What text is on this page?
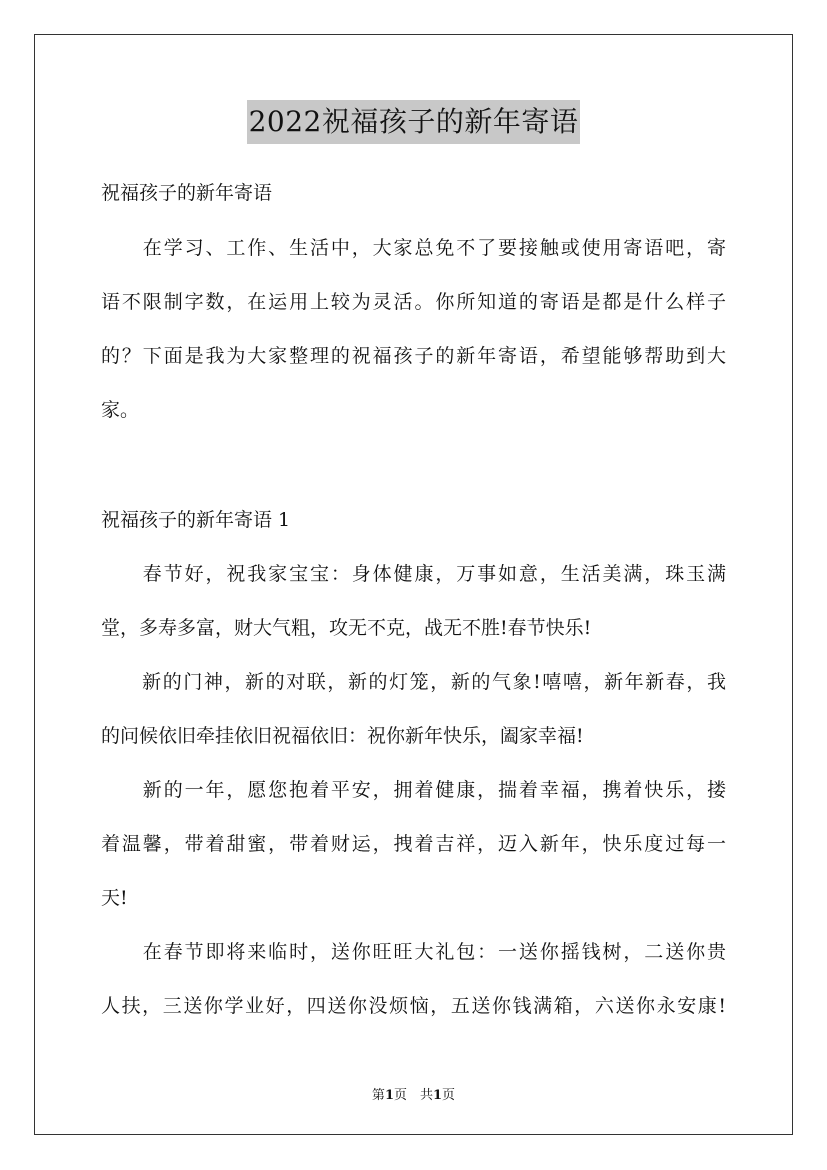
2022祝福孩子的新年寄语
祝福孩子的新年寄语
　　在学习、工作、生活中，大家总免不了要接触或使用寄语吧，寄
语不限制字数，在运用上较为灵活。你所知道的寄语是都是什么样子
的？下面是我为大家整理的祝福孩子的新年寄语，希望能够帮助到大
家。
祝福孩子的新年寄语 1
　　春节好，祝我家宝宝：身体健康，万事如意，生活美满，珠玉满
堂，多寿多富，财大气粗，攻无不克，战无不胜!春节快乐!
　　新的门神，新的对联，新的灯笼，新的气象!嘻嘻，新年新春，我
的问候依旧牵挂依旧祝福依旧：祝你新年快乐，阖家幸福!
　　新的一年，愿您抱着平安，拥着健康，揣着幸福，携着快乐，搂
着温馨，带着甜蜜，带着财运，拽着吉祥，迈入新年，快乐度过每一
天!
　　在春节即将来临时，送你旺旺大礼包：一送你摇钱树，二送你贵
人扶，三送你学业好，四送你没烦恼，五送你钱满箱，六送你永安康!
第1页　共1页
